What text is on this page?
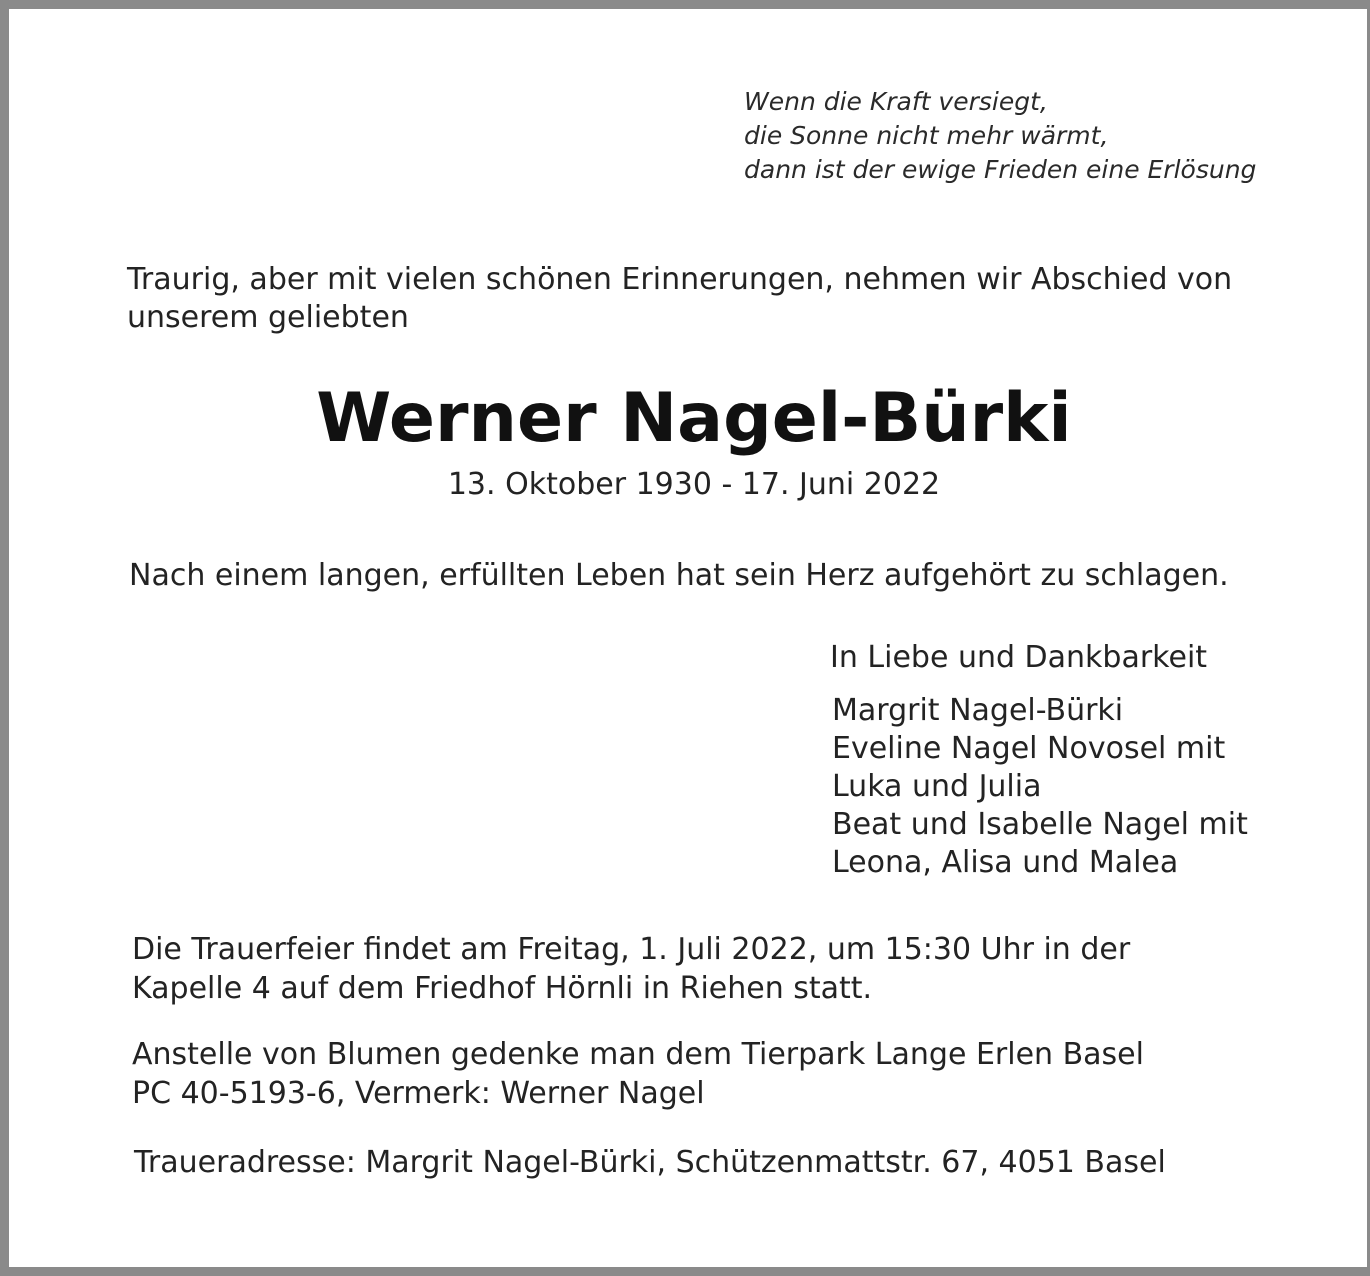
Wenn die Kraft versiegt,
die Sonne nicht mehr wärmt,
dann ist der ewige Frieden eine Erlösung
Traurig, aber mit vielen schönen Erinnerungen, nehmen wir Abschied von
unserem geliebten
Werner Nagel-Bürki
13. Oktober 1930 - 17. Juni 2022
Nach einem langen, erfüllten Leben hat sein Herz aufgehört zu schlagen.
In Liebe und Dankbarkeit
Margrit Nagel-Bürki
Eveline Nagel Novosel mit
Luka und Julia
Beat und Isabelle Nagel mit
Leona, Alisa und Malea
Die Trauerfeier findet am Freitag, 1. Juli 2022, um 15:30 Uhr in der
Kapelle 4 auf dem Friedhof Hörnli in Riehen statt.
Anstelle von Blumen gedenke man dem Tierpark Lange Erlen Basel
PC 40-5193-6, Vermerk: Werner Nagel
Traueradresse: Margrit Nagel-Bürki, Schützenmattstr. 67, 4051 Basel
